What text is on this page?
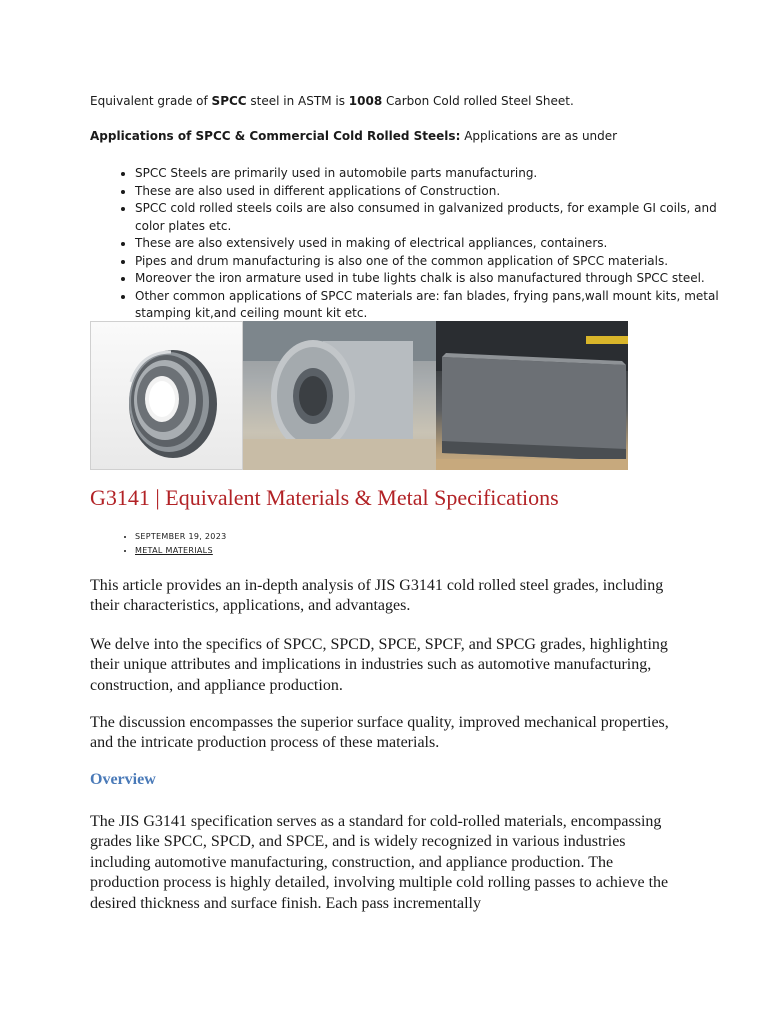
Equivalent grade of SPCC steel in ASTM is 1008 Carbon Cold rolled Steel Sheet.

Applications of SPCC & Commercial Cold Rolled Steels: Applications are as under

• SPCC Steels are primarily used in automobile parts manufacturing.
• These are also used in different applications of Construction.
• SPCC cold rolled steels coils are also consumed in galvanized products, for example GI coils, and color plates etc.
• These are also extensively used in making of electrical appliances, containers.
• Pipes and drum manufacturing is also one of the common application of SPCC materials.
• Moreover the iron armature used in tube lights chalk is also manufactured through SPCC steel.
• Other common applications of SPCC materials are: fan blades, frying pans,wall mount kits, metal stamping kit,and ceiling mount kit etc.
G3141 | Equivalent Materials & Metal Specifications
• SEPTEMBER 19, 2023
• METAL MATERIALS

This article provides an in-depth analysis of JIS G3141 cold rolled steel grades, including their characteristics, applications, and advantages.

We delve into the specifics of SPCC, SPCD, SPCE, SPCF, and SPCG grades, highlighting their unique attributes and implications in industries such as automotive manufacturing, construction, and appliance production.

The discussion encompasses the superior surface quality, improved mechanical properties, and the intricate production process of these materials.

Overview

The JIS G3141 specification serves as a standard for cold-rolled materials, encompassing grades like SPCC, SPCD, and SPCE, and is widely recognized in various industries including automotive manufacturing, construction, and appliance production. The production process is highly detailed, involving multiple cold rolling passes to achieve the desired thickness and surface finish. Each pass incrementally
